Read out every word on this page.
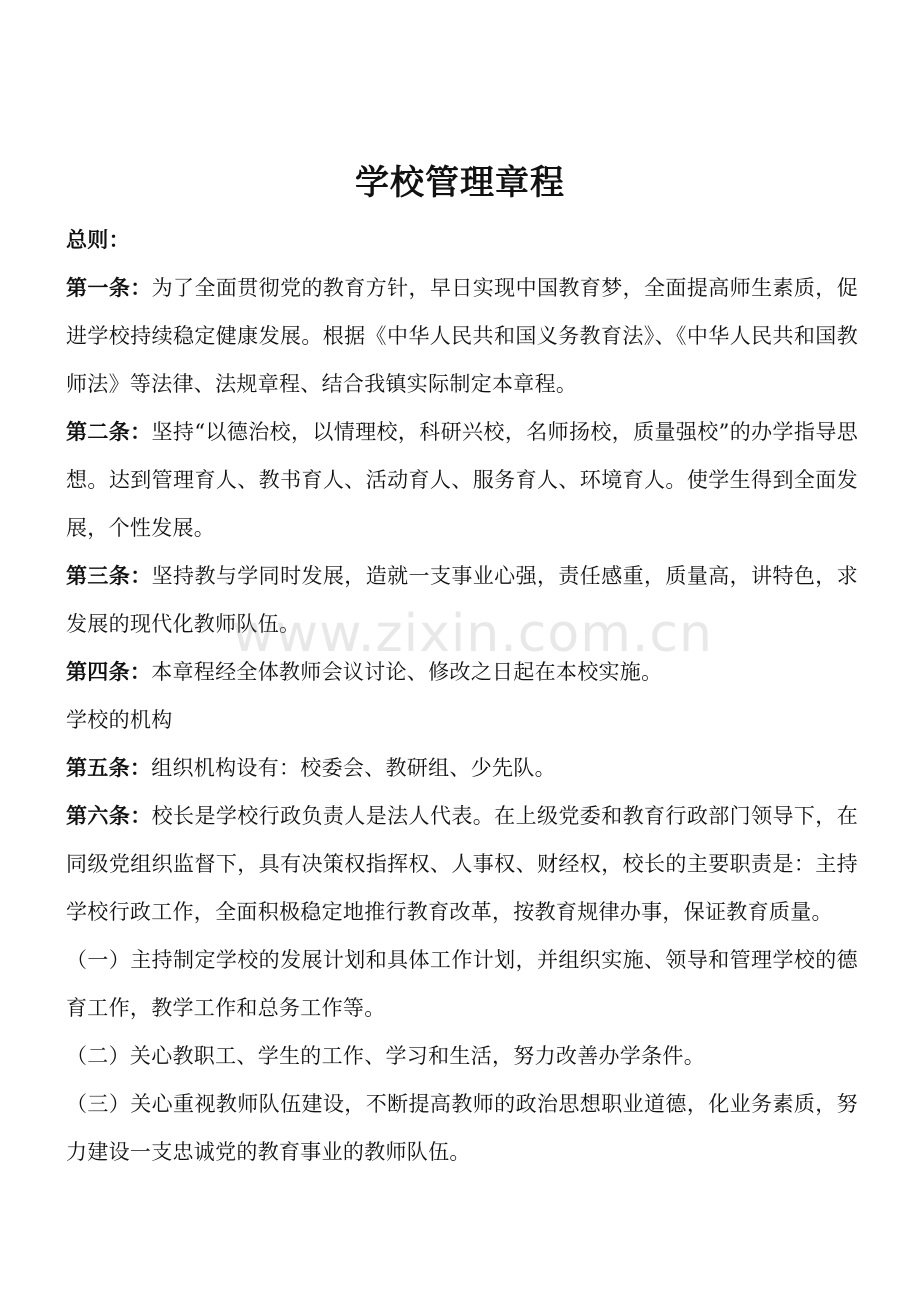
学校管理章程

总则：

第一条：为了全面贯彻党的教育方针，早日实现中国教育梦，全面提高师生素质，促进学校持续稳定健康发展。根据《中华人民共和国义务教育法》、《中华人民共和国教师法》等法律、法规章程、结合我镇实际制定本章程。

第二条：坚持“以德治校，以情理校，科研兴校，名师扬校，质量强校”的办学指导思想。达到管理育人、教书育人、活动育人、服务育人、环境育人。使学生得到全面发展，个性发展。

第三条：坚持教与学同时发展，造就一支事业心强，责任感重，质量高，讲特色，求发展的现代化教师队伍。

第四条：本章程经全体教师会议讨论、修改之日起在本校实施。

学校的机构

第五条：组织机构设有：校委会、教研组、少先队。

第六条：校长是学校行政负责人是法人代表。在上级党委和教育行政部门领导下，在同级党组织监督下，具有决策权指挥权、人事权、财经权，校长的主要职责是：主持学校行政工作，全面积极稳定地推行教育改革，按教育规律办事，保证教育质量。

（一）主持制定学校的发展计划和具体工作计划，并组织实施、领导和管理学校的德育工作，教学工作和总务工作等。

（二）关心教职工、学生的工作、学习和生活，努力改善办学条件。

（三）关心重视教师队伍建设，不断提高教师的政治思想职业道德，化业务素质，努力建设一支忠诚党的教育事业的教师队伍。

www.zixin.com.cn
